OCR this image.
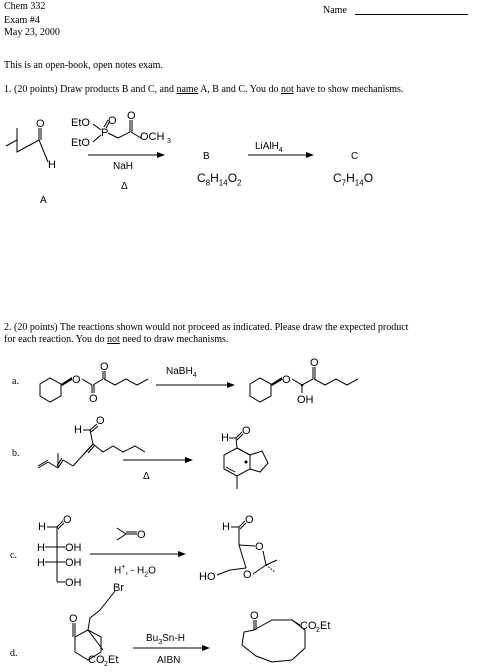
Chem 332
Exam #4
May 23, 2000
Name
This is an open-book, open notes exam.
1. (20 points) Draw products B and C, and name A, B and C. You do not have to show mechanisms.
2. (20 points) The reactions shown would not proceed as indicated. Please draw the expected product
for each reaction. You do not need to draw mechanisms.
a.
b.
c.
d.
NaH
Δ
A
B	C
$C_8H_{14}O_2$	$C_7H_{14}O$
LiAlH$_4$
NaBH$_4$
Δ
H+, - $H_2O$
$Bu_3Sn-H$
AIBN
O
H
EtO
EtO
P
O O
OCH 3
O
O
O
O
OH
O
H
O
H
O
H
O
H OH
H OH
OH
O
H
O
O
O
HO
O
Br
CO 2 Et
O
CO 2 Et
